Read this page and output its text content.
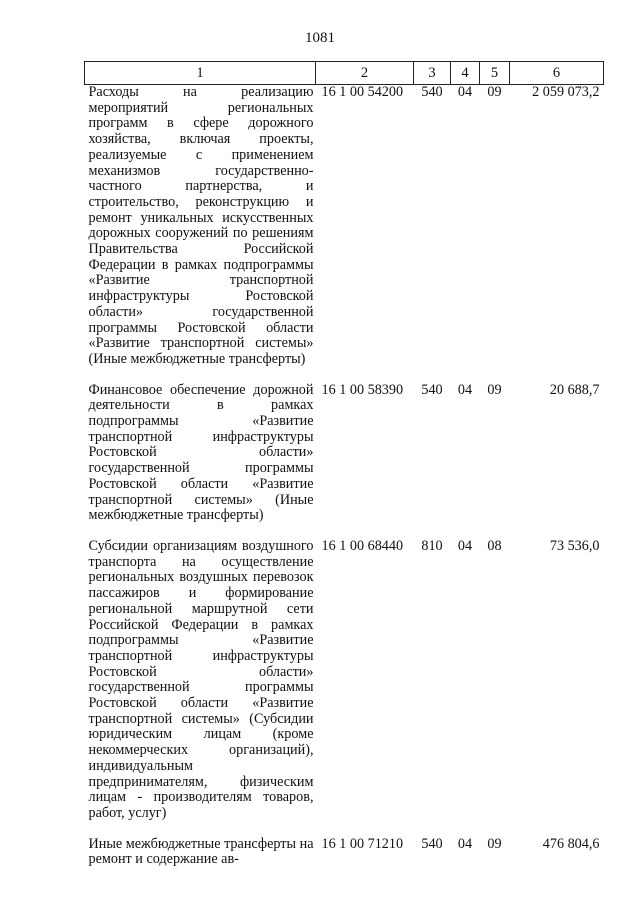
1081
1	2	3	4	5	6
Расходы на реализацию мероприятий региональных программ в сфере дорожного хозяйства, включая проекты, реализуемые с применением механизмов государственно-частного партнерства, и строительство, реконструкцию и ремонт уникальных искусственных дорожных сооружений по решениям Правительства Российской Федерации в рамках подпрограммы «Развитие транспортной инфраструктуры Ростовской области» государственной программы Ростовской области «Развитие транспортной системы» (Иные межбюджетные трансферты)	16 1 00 54200	540	04	09	2 059 073,2
Финансовое обеспечение дорожной деятельности в рамках подпрограммы «Развитие транспортной инфраструктуры Ростовской области» государственной программы Ростовской области «Развитие транспортной системы» (Иные межбюджетные трансферты)	16 1 00 58390	540	04	09	20 688,7
Субсидии организациям воздушного транспорта на осуществление региональных воздушных перевозок пассажиров и формирование региональной маршрутной сети Российской Федерации в рамках подпрограммы «Развитие транспортной инфраструктуры Ростовской области» государственной программы Ростовской области «Развитие транспортной системы» (Субсидии юридическим лицам (кроме некоммерческих организаций), индивидуальным предпринимателям, физическим лицам - производителям товаров, работ, услуг)	16 1 00 68440	810	04	08	73 536,0
Иные межбюджетные трансферты на ремонт и содержание ав-	16 1 00 71210	540	04	09	476 804,6
